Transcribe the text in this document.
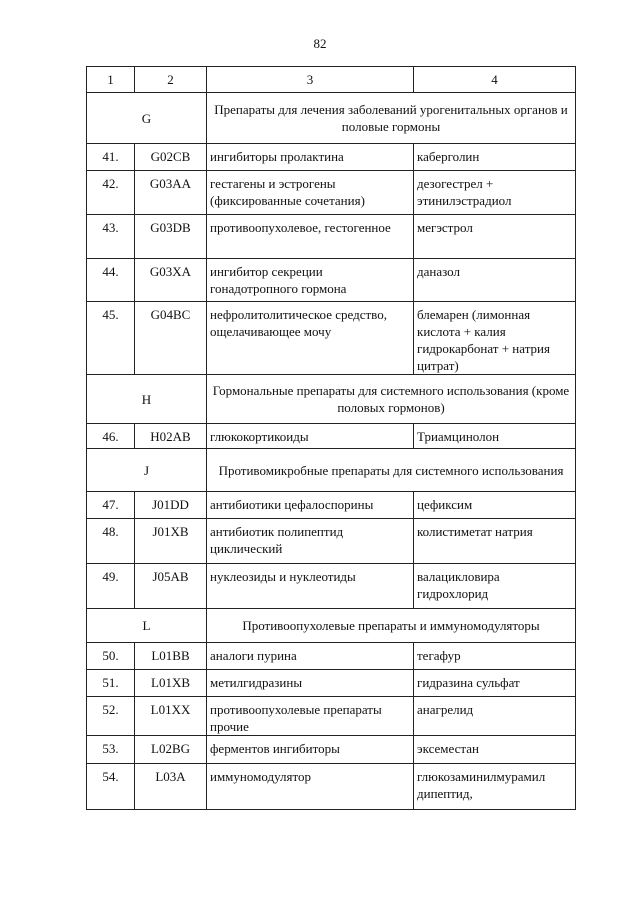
82
1	2	3	4
G		Препараты для лечения заболеваний урогенитальных органов и половые гормоны	
41.	G02CB	ингибиторы пролактина	каберголин
42.	G03AA	гестагены и эстрогены (фиксированные сочетания)	дезогестрел + этинилэстрадиол
43.	G03DB	противоопухолевое, гестогенное	мегэстрол
44.	G03XA	ингибитор секреции гонадотропного гормона	даназол
45.	G04BC	нефролитолитическое средство, ощелачивающее мочу	блемарен (лимонная кислота + калия гидрокарбонат + натрия цитрат)
H		Гормональные препараты для системного использования (кроме половых гормонов)	
46.	H02AB	глюкокортикоиды	Триамцинолон
J		Противомикробные препараты для системного использования	
47.	J01DD	антибиотики цефалоспорины	цефиксим
48.	J01XB	антибиотик полипептид циклический	колистиметат натрия
49.	J05AB	нуклеозиды и нуклеотиды	валацикловира гидрохлорид
L		Противоопухолевые препараты и иммуномодуляторы	
50.	L01BB	аналоги пурина	тегафур
51.	L01XB	метилгидразины	гидразина сульфат
52.	L01XX	противоопухолевые препараты прочие	анагрелид
53.	L02BG	ферментов ингибиторы	эксеместан
54.	L03A	иммуномодулятор	глюкозаминилмурамил дипептид,
